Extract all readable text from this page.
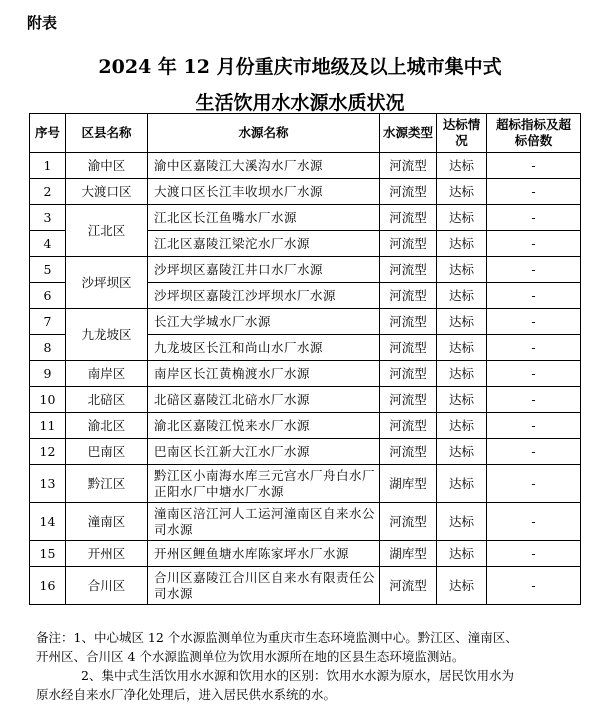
附表
2024 年 12 月份重庆市地级及以上城市集中式
生活饮用水水源水质状况
序号	区县名称	水源名称	水源类型	达标情况	超标指标及超标倍数
1	渝中区	渝中区嘉陵江大溪沟水厂水源	河流型	达标	-
2	大渡口区	大渡口区长江丰收坝水厂水源	河流型	达标	-
3	江北区	江北区长江鱼嘴水厂水源	河流型	达标	-
4		江北区嘉陵江梁沱水厂水源	河流型	达标	-
5	沙坪坝区	沙坪坝区嘉陵江井口水厂水源	河流型	达标	-
6		沙坪坝区嘉陵江沙坪坝水厂水源	河流型	达标	-
7	九龙坡区	长江大学城水厂水源	河流型	达标	-
8		九龙坡区长江和尚山水厂水源	河流型	达标	-
9	南岸区	南岸区长江黄桷渡水厂水源	河流型	达标	-
10	北碚区	北碚区嘉陵江北碚水厂水源	河流型	达标	-
11	渝北区	渝北区嘉陵江悦来水厂水源	河流型	达标	-
12	巴南区	巴南区长江新大江水厂水源	河流型	达标	-
13	黔江区	黔江区小南海水库三元宫水厂舟白水厂正阳水厂中塘水厂水源	湖库型	达标	-
14	潼南区	潼南区涪江河人工运河潼南区自来水公司水源	河流型	达标	-
15	开州区	开州区鲤鱼塘水库陈家坪水厂水源	湖库型	达标	-
16	合川区	合川区嘉陵江合川区自来水有限责任公司水源	河流型	达标	-

备注：1、中心城区 12 个水源监测单位为重庆市生态环境监测中心。黔江区、潼南区、

开州区、合川区 4 个水源监测单位为饮用水源所在地的区县生态环境监测站。

2、集中式生活饮用水水源和饮用水的区别：饮用水水源为原水，居民饮用水为

原水经自来水厂净化处理后，进入居民供水系统的水。
